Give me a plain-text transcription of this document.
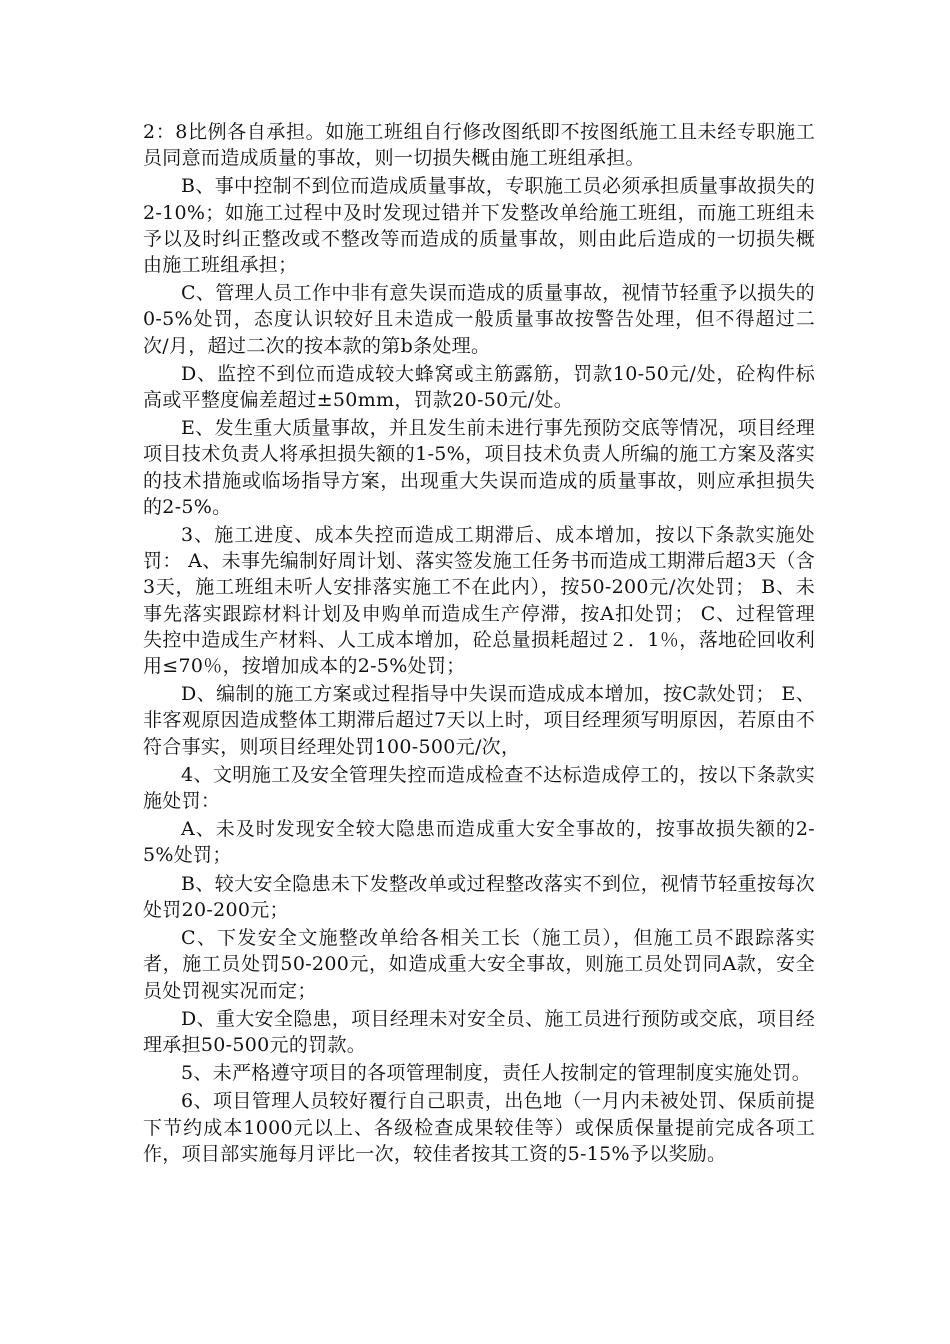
2：8比例各自承担。如施工班组自行修改图纸即不按图纸施工且未经专职施工员同意而造成质量的事故，则一切损失概由施工班组承担。

B、事中控制不到位而造成质量事故，专职施工员必须承担质量事故损失的2-10%；如施工过程中及时发现过错并下发整改单给施工班组，而施工班组未予以及时纠正整改或不整改等而造成的质量事故，则由此后造成的一切损失概由施工班组承担；

C、管理人员工作中非有意失误而造成的质量事故，视情节轻重予以损失的0-5%处罚，态度认识较好且未造成一般质量事故按警告处理，但不得超过二次/月，超过二次的按本款的第b条处理。

D、监控不到位而造成较大蜂窝或主筋露筋，罚款10-50元/处，砼构件标高或平整度偏差超过±50mm，罚款20-50元/处。

E、发生重大质量事故，并且发生前未进行事先预防交底等情况，项目经理项目技术负责人将承担损失额的1-5%，项目技术负责人所编的施工方案及落实的技术措施或临场指导方案，出现重大失误而造成的质量事故，则应承担损失的2-5%。

3、施工进度、成本失控而造成工期滞后、成本增加，按以下条款实施处罚： A、未事先编制好周计划、落实签发施工任务书而造成工期滞后超3天（含3天，施工班组未听人安排落实施工不在此内），按50-200元/次处罚； B、未事先落实跟踪材料计划及申购单而造成生产停滞，按A扣处罚； C、过程管理失控中造成生产材料、人工成本增加，砼总量损耗超过２．1％，落地砼回收利用≤70％，按增加成本的2-5%处罚；

D、编制的施工方案或过程指导中失误而造成成本增加，按C款处罚； E、非客观原因造成整体工期滞后超过7天以上时，项目经理须写明原因，若原由不符合事实，则项目经理处罚100-500元/次，

4、文明施工及安全管理失控而造成检查不达标造成停工的，按以下条款实施处罚：

A、未及时发现安全较大隐患而造成重大安全事故的，按事故损失额的2-5%处罚；

B、较大安全隐患未下发整改单或过程整改落实不到位，视情节轻重按每次处罚20-200元；

C、下发安全文施整改单给各相关工长（施工员），但施工员不跟踪落实者，施工员处罚50-200元，如造成重大安全事故，则施工员处罚同A款，安全员处罚视实况而定；

D、重大安全隐患，项目经理未对安全员、施工员进行预防或交底，项目经理承担50-500元的罚款。

5、未严格遵守项目的各项管理制度，责任人按制定的管理制度实施处罚。

6、项目管理人员较好覆行自己职责，出色地（一月内未被处罚、保质前提下节约成本1000元以上、各级检查成果较佳等）或保质保量提前完成各项工作，项目部实施每月评比一次，较佳者按其工资的5-15%予以奖励。
